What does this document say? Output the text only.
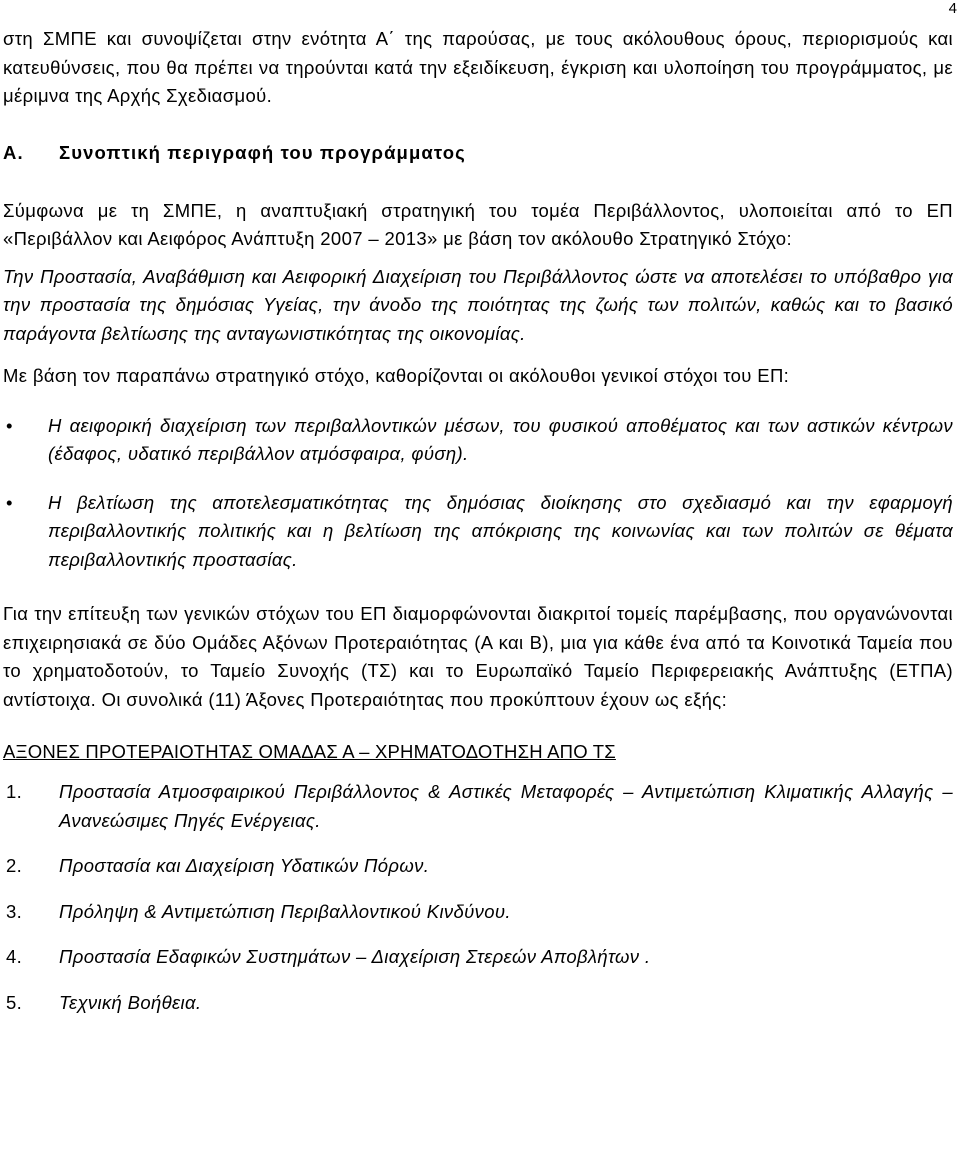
4

στη ΣΜΠΕ και συνοψίζεται στην ενότητα Α΄ της παρούσας, με τους ακόλουθους όρους, περιορισμούς και κατευθύνσεις, που θα πρέπει να τηρούνται κατά την εξειδίκευση, έγκριση και υλοποίηση του προγράμματος, με μέριμνα της Αρχής Σχεδιασμού.

Α. Συνοπτική περιγραφή του προγράμματος

Σύμφωνα με τη ΣΜΠΕ, η αναπτυξιακή στρατηγική του τομέα Περιβάλλοντος, υλοποιείται από το ΕΠ «Περιβάλλον και Αειφόρος Ανάπτυξη 2007 – 2013» με βάση τον ακόλουθο Στρατηγικό Στόχο:

Την Προστασία, Αναβάθμιση και Αειφορική Διαχείριση του Περιβάλλοντος ώστε να αποτελέσει το υπόβαθρο για την προστασία της δημόσιας Υγείας, την άνοδο της ποιότητας της ζωής των πολιτών, καθώς και το βασικό παράγοντα βελτίωσης της ανταγωνιστικότητας της οικονομίας.

Με βάση τον παραπάνω στρατηγικό στόχο, καθορίζονται οι ακόλουθοι γενικοί στόχοι του ΕΠ:

•	Η αειφορική διαχείριση των περιβαλλοντικών μέσων, του φυσικού αποθέματος και των αστικών κέντρων (έδαφος, υδατικό περιβάλλον ατμόσφαιρα, φύση).
•	Η βελτίωση της αποτελεσματικότητας της δημόσιας διοίκησης στο σχεδιασμό και την εφαρμογή περιβαλλοντικής πολιτικής και η βελτίωση της απόκρισης της κοινωνίας και των πολιτών σε θέματα περιβαλλοντικής προστασίας.

Για την επίτευξη των γενικών στόχων του ΕΠ διαμορφώνονται διακριτοί τομείς παρέμβασης, που οργανώνονται επιχειρησιακά σε δύο Ομάδες Αξόνων Προτεραιότητας (Α και Β), μια για κάθε ένα από τα Κοινοτικά Ταμεία που το χρηματοδοτούν, το Ταμείο Συνοχής (ΤΣ) και το Ευρωπαϊκό Ταμείο Περιφερειακής Ανάπτυξης (ΕΤΠΑ) αντίστοιχα. Οι συνολικά (11) Άξονες Προτεραιότητας που προκύπτουν έχουν ως εξής:

ΑΞΟΝΕΣ ΠΡΟΤΕΡΑΙΟΤΗΤΑΣ ΟΜΑΔΑΣ Α – ΧΡΗΜΑΤΟΔΟΤΗΣΗ ΑΠΟ ΤΣ

1.	Προστασία Ατμοσφαιρικού Περιβάλλοντος & Αστικές Μεταφορές – Αντιμετώπιση Κλιματικής Αλλαγής – Ανανεώσιμες Πηγές Ενέργειας.
2.	Προστασία και Διαχείριση Υδατικών Πόρων.
3.	Πρόληψη & Αντιμετώπιση Περιβαλλοντικού Κινδύνου.
4.	Προστασία Εδαφικών Συστημάτων – Διαχείριση Στερεών Αποβλήτων .
5.	Τεχνική Βοήθεια.
